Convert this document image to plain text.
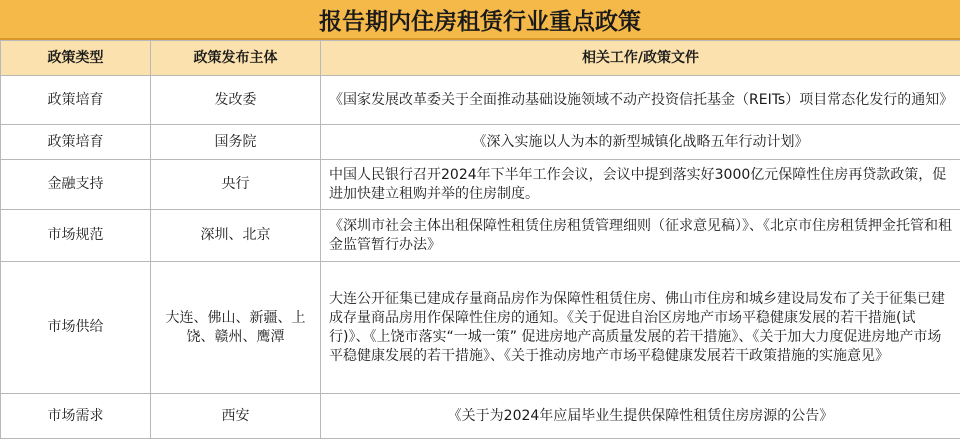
报告期内住房租赁行业重点政策
政策类型	政策发布主体	相关工作/政策文件
政策培育	发改委	《国家发展改革委关于全面推动基础设施领域不动产投资信托基金（REITs）项目常态化发行的通知》
政策培育	国务院	《深入实施以人为本的新型城镇化战略五年行动计划》
金融支持	央行	中国人民银行召开2024年下半年工作会议，会议中提到落实好3000亿元保障性住房再贷款政策，促进加快建立租购并举的住房制度。
市场规范	深圳、北京	《深圳市社会主体出租保障性租赁住房租赁管理细则（征求意见稿）》、《北京市住房租赁押金托管和租金监管暂行办法》
市场供给	大连、佛山、新疆、上饶、赣州、鹰潭	大连公开征集已建成存量商品房作为保障性租赁住房、佛山市住房和城乡建设局发布了关于征集已建成存量商品房用作保障性住房的通知。《关于促进自治区房地产市场平稳健康发展的若干措施(试行)》、《上饶市落实“一城一策” 促进房地产高质量发展的若干措施》、《关于加大力度促进房地产市场平稳健康发展的若干措施》、《关于推动房地产市场平稳健康发展若干政策措施的实施意见》
市场需求	西安	《关于为2024年应届毕业生提供保障性租赁住房房源的公告》
